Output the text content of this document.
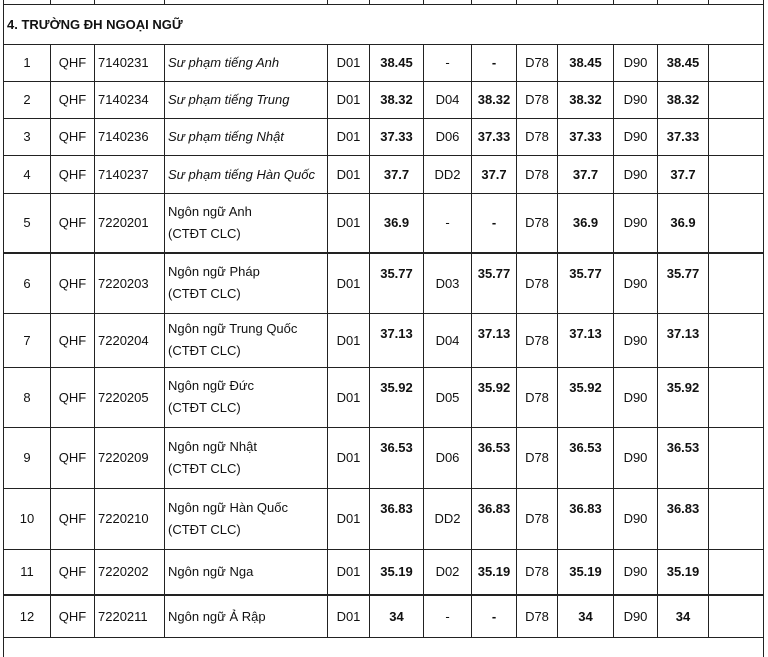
4. TRƯỜNG ĐH NGOẠI NGỮ												
1	QHF	7140231	Sư phạm tiếng Anh	D01	38.45	-	-	D78	38.45	D90	38.45	
2	QHF	7140234	Sư phạm tiếng Trung	D01	38.32	D04	38.32	D78	38.32	D90	38.32	
3	QHF	7140236	Sư phạm tiếng Nhật	D01	37.33	D06	37.33	D78	37.33	D90	37.33	
4	QHF	7140237	Sư phạm tiếng Hàn Quốc	D01	37.7	DD2	37.7	D78	37.7	D90	37.7	
5	QHF	7220201	Ngôn ngữ Anh
(CTĐT CLC)	D01	36.9	-	-	D78	36.9	D90	36.9	
6	QHF	7220203	Ngôn ngữ Pháp
(CTĐT CLC)	D01	35.77	D03	35.77	D78	35.77	D90	35.77	
7	QHF	7220204	Ngôn ngữ Trung Quốc
(CTĐT CLC)	D01	37.13	D04	37.13	D78	37.13	D90	37.13	
8	QHF	7220205	Ngôn ngữ Đức
(CTĐT CLC)	D01	35.92	D05	35.92	D78	35.92	D90	35.92	
9	QHF	7220209	Ngôn ngữ Nhật
(CTĐT CLC)	D01	36.53	D06	36.53	D78	36.53	D90	36.53	
10	QHF	7220210	Ngôn ngữ Hàn Quốc
(CTĐT CLC)	D01	36.83	DD2	36.83	D78	36.83	D90	36.83	
11	QHF	7220202	Ngôn ngữ Nga	D01	35.19	D02	35.19	D78	35.19	D90	35.19	
12	QHF	7220211	Ngôn ngữ Ả Rập	D01	34	-	-	D78	34	D90	34	
